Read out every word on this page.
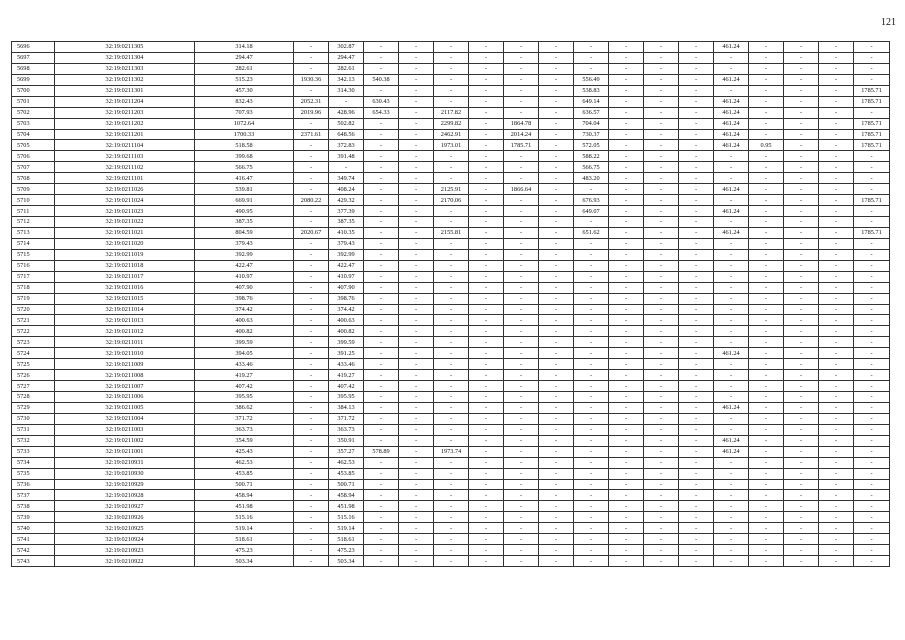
121
5696	32:19:0211305	314.18	-	302.87	-	-	-	-	-	-	-	-	-	-	461.24	-	-	-	-
5697	32:19:0211304	294.47	-	294.47	-	-	-	-	-	-	-	-	-	-	-	-	-	-	-
5698	32:19:0211303	282.61	-	282.61	-	-	-	-	-	-	-	-	-	-	-	-	-	-	-
5699	32:19:0211302	515.23	1930.36	342.13	540.38	-	-	-	-	-	556.49	-	-	-	461.24	-	-	-	-
5700	32:19:0211301	457.30	-	314.30	-	-	-	-	-	-	538.83	-	-	-	-	-	-	-	1785.71
5701	32:19:0211204	832.43	2052.31	-	630.43	-	-	-	-	-	649.14	-	-	-	461.24	-	-	-	1785.71
5702	32:19:0211203	707.93	2019.96	428.96	654.33	-	2117.82	-	-	-	636.57	-	-	-	461.24	-	-	-	-
5703	32:19:0211202	1072.64	-	502.82	-	-	2299.82	-	1864.78	-	704.04	-	-	-	461.24	-	-	-	1785.71
5704	32:19:0211201	1700.33	2371.61	648.56	-	-	2462.91	-	2014.24	-	730.37	-	-	-	461.24	-	-	-	1785.71
5705	32:19:0211104	518.58	-	372.83	-	-	1973.01	-	1785.71	-	572.05	-	-	-	461.24	0.95	-	-	1785.71
5706	32:19:0211103	399.68	-	391.48	-	-	-	-	-	-	588.22	-	-	-	-	-	-	-	-
5707	32:19:0211102	566.75	-	-	-	-	-	-	-	-	566.75	-	-	-	-	-	-	-	-
5708	32:19:0211101	416.47	-	349.74	-	-	-	-	-	-	483.20	-	-	-	-	-	-	-	-
5709	32:19:0211026	539.81	-	408.24	-	-	2125.91	-	1866.64	-	-	-	-	-	461.24	-	-	-	-
5710	32:19:0211024	669.91	2080.22	429.32	-	-	2170.06	-	-	-	676.93	-	-	-	-	-	-	-	1785.71
5711	32:19:0211023	490.95	-	377.39	-	-	-	-	-	-	649.07	-	-	-	461.24	-	-	-	-
5712	32:19:0211022	387.35	-	387.35	-	-	-	-	-	-	-	-	-	-	-	-	-	-	-
5713	32:19:0211021	804.59	2020.67	410.35	-	-	2155.81	-	-	-	651.62	-	-	-	461.24	-	-	-	1785.71
5714	32:19:0211020	379.43	-	379.43	-	-	-	-	-	-	-	-	-	-	-	-	-	-	-
5715	32:19:0211019	392.99	-	392.99	-	-	-	-	-	-	-	-	-	-	-	-	-	-	-
5716	32:19:0211018	422.47	-	422.47	-	-	-	-	-	-	-	-	-	-	-	-	-	-	-
5717	32:19:0211017	410.97	-	410.97	-	-	-	-	-	-	-	-	-	-	-	-	-	-	-
5718	32:19:0211016	407.90	-	407.90	-	-	-	-	-	-	-	-	-	-	-	-	-	-	-
5719	32:19:0211015	398.76	-	398.76	-	-	-	-	-	-	-	-	-	-	-	-	-	-	-
5720	32:19:0211014	374.42	-	374.42	-	-	-	-	-	-	-	-	-	-	-	-	-	-	-
5721	32:19:0211013	400.63	-	400.63	-	-	-	-	-	-	-	-	-	-	-	-	-	-	-
5722	32:19:0211012	400.82	-	400.82	-	-	-	-	-	-	-	-	-	-	-	-	-	-	-
5723	32:19:0211011	399.59	-	399.59	-	-	-	-	-	-	-	-	-	-	-	-	-	-	-
5724	32:19:0211010	394.05	-	391.25	-	-	-	-	-	-	-	-	-	-	461.24	-	-	-	-
5725	32:19:0211009	433.46	-	433.46	-	-	-	-	-	-	-	-	-	-	-	-	-	-	-
5726	32:19:0211008	419.27	-	419.27	-	-	-	-	-	-	-	-	-	-	-	-	-	-	-
5727	32:19:0211007	407.42	-	407.42	-	-	-	-	-	-	-	-	-	-	-	-	-	-	-
5728	32:19:0211006	395.95	-	395.95	-	-	-	-	-	-	-	-	-	-	-	-	-	-	-
5729	32:19:0211005	386.62	-	384.13	-	-	-	-	-	-	-	-	-	-	461.24	-	-	-	-
5730	32:19:0211004	371.72	-	371.72	-	-	-	-	-	-	-	-	-	-	-	-	-	-	-
5731	32:19:0211003	363.73	-	363.73	-	-	-	-	-	-	-	-	-	-	-	-	-	-	-
5732	32:19:0211002	354.59	-	350.91	-	-	-	-	-	-	-	-	-	-	461.24	-	-	-	-
5733	32:19:0211001	425.43	-	357.27	578.89	-	1973.74	-	-	-	-	-	-	-	461.24	-	-	-	-
5734	32:19:0210931	462.53	-	462.53	-	-	-	-	-	-	-	-	-	-	-	-	-	-	-
5735	32:19:0210930	453.85	-	453.85	-	-	-	-	-	-	-	-	-	-	-	-	-	-	-
5736	32:19:0210929	500.71	-	500.71	-	-	-	-	-	-	-	-	-	-	-	-	-	-	-
5737	32:19:0210928	458.94	-	458.94	-	-	-	-	-	-	-	-	-	-	-	-	-	-	-
5738	32:19:0210927	451.98	-	451.98	-	-	-	-	-	-	-	-	-	-	-	-	-	-	-
5739	32:19:0210926	515.16	-	515.16	-	-	-	-	-	-	-	-	-	-	-	-	-	-	-
5740	32:19:0210925	519.14	-	519.14	-	-	-	-	-	-	-	-	-	-	-	-	-	-	-
5741	32:19:0210924	518.61	-	518.61	-	-	-	-	-	-	-	-	-	-	-	-	-	-	-
5742	32:19:0210923	475.23	-	475.23	-	-	-	-	-	-	-	-	-	-	-	-	-	-	-
5743	32:19:0210922	503.34	-	503.34	-	-	-	-	-	-	-	-	-	-	-	-	-	-	-
